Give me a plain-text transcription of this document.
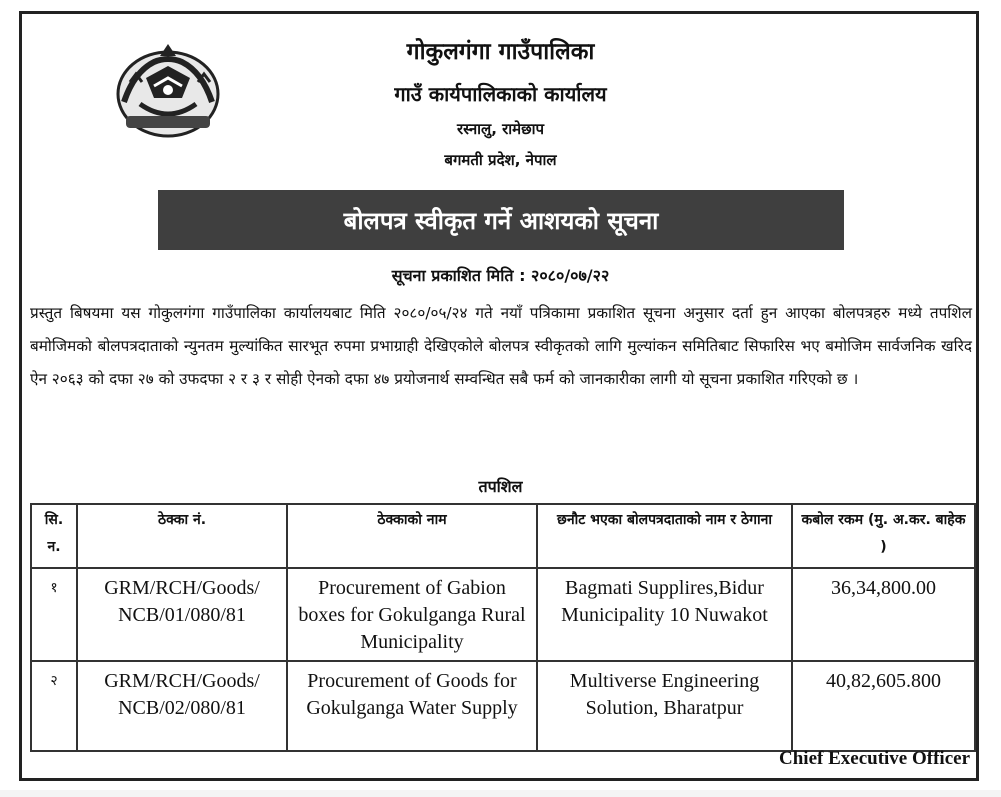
गोकुलगंगा गाउँपालिका
गाउँ कार्यपालिकाको कार्यालय
रस्नालु, रामेछाप
बगमती प्रदेश, नेपाल
बोलपत्र स्वीकृत गर्ने आशयको सूचना
सूचना प्रकाशित मिति : २०८०/०७/२२
प्रस्तुत बिषयमा यस गोकुलगंगा गाउँपालिका कार्यालयबाट मिति २०८०/०५/२४ गते नयाँ पत्रिकामा प्रकाशित सूचना अनुसार दर्ता हुन आएका बोलपत्रहरु मध्ये तपशिल बमोजिमको बोलपत्रदाताको न्युनतम मुल्यांकित सारभूत रुपमा प्रभाग्राही देखिएकोले बोलपत्र स्वीकृतको लागि मुल्यांकन समितिबाट सिफारिस भए बमोजिम सार्वजनिक खरिद ऐन २०६३ को दफा २७ को उफदफा २ र ३ र सोही ऐनको दफा ४७ प्रयोजनार्थ सम्वन्धित सबै फर्म को जानकारीका लागी यो सूचना प्रकाशित गरिएको छ ।
तपशिल
सि. न.	ठेक्का नं.	ठेक्काको नाम	छनौट भएका बोलपत्रदाताको नाम र ठेगाना	कबोल रकम (मु. अ.कर. बाहेक )
१	GRM/RCH/Goods/ NCB/01/080/81	Procurement of Gabion boxes for Gokulganga Rural Municipality	Bagmati Supplires,Bidur Municipality 10 Nuwakot	36,34,800.00
२	GRM/RCH/Goods/ NCB/02/080/81	Procurement of Goods for Gokulganga Water Supply	Multiverse Engineering Solution, Bharatpur	40,82,605.800
Chief Executive Officer
